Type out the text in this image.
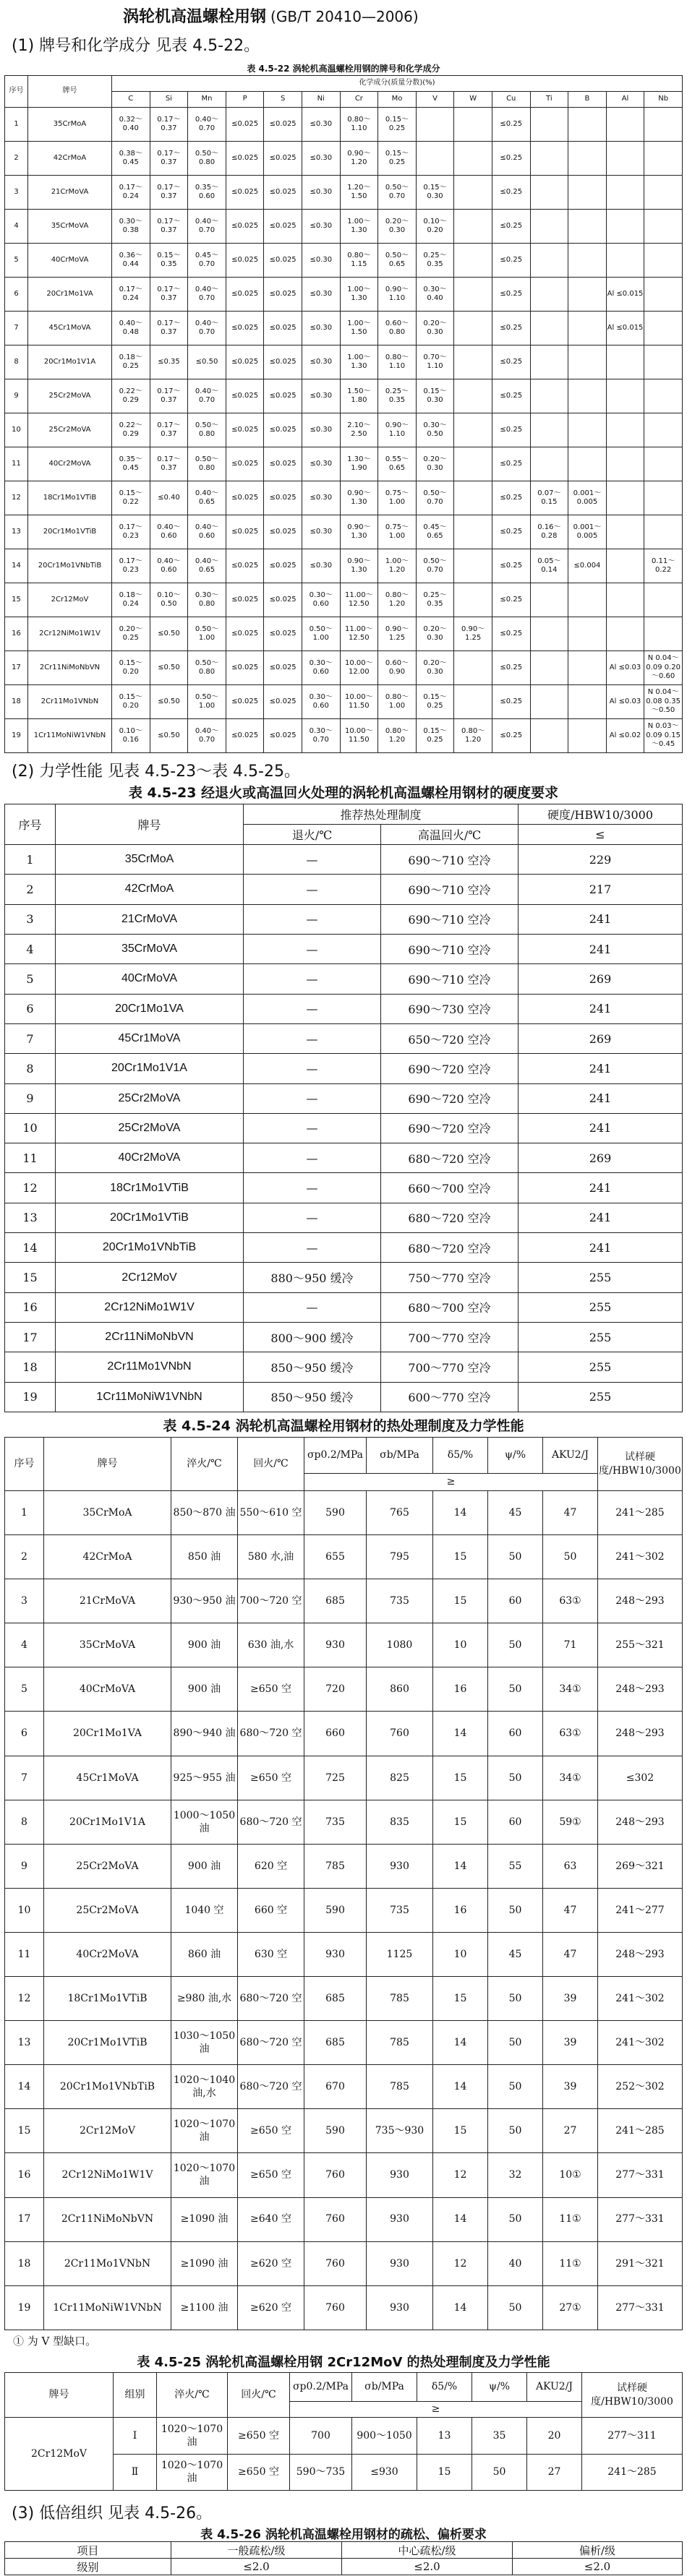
涡轮机高温螺栓用钢 (GB/T 20410—2006)
(1) 牌号和化学成分 见表 4.5-22。
表 4.5-22 涡轮机高温螺栓用钢的牌号和化学成分
序号	牌号	化学成分(质量分数)(%)														
		C	Si	Mn	P	S	Ni	Cr	Mo	V	W	Cu	Ti	B	Al	Nb
1	35CrMoA	0.32～0.40	0.17～0.37	0.40～0.70	≤0.025	≤0.025	≤0.30	0.80～1.10	0.15～0.25			≤0.25				
2	42CrMoA	0.38～0.45	0.17～0.37	0.50～0.80	≤0.025	≤0.025	≤0.30	0.90～1.20	0.15～0.25			≤0.25				
3	21CrMoVA	0.17～0.24	0.17～0.37	0.35～0.60	≤0.025	≤0.025	≤0.30	1.20～1.50	0.50～0.70	0.15～0.30		≤0.25				
4	35CrMoVA	0.30～0.38	0.17～0.37	0.40～0.70	≤0.025	≤0.025	≤0.30	1.00～1.30	0.20～0.30	0.10～0.20		≤0.25				
5	40CrMoVA	0.36～0.44	0.15～0.35	0.45～0.70	≤0.025	≤0.025	≤0.30	0.80～1.15	0.50～0.65	0.25～0.35		≤0.25				
6	20Cr1Mo1VA	0.17～0.24	0.17～0.37	0.40～0.70	≤0.025	≤0.025	≤0.30	1.00～1.30	0.90～1.10	0.30～0.40		≤0.25			Al ≤0.015	
7	45Cr1MoVA	0.40～0.48	0.17～0.37	0.40～0.70	≤0.025	≤0.025	≤0.30	1.00～1.50	0.60～0.80	0.20～0.30		≤0.25			Al ≤0.015	
8	20Cr1Mo1V1A	0.18～0.25	≤0.35	≤0.50	≤0.025	≤0.025	≤0.30	1.00～1.30	0.80～1.10	0.70～1.10		≤0.25				
9	25Cr2MoVA	0.22～0.29	0.17～0.37	0.40～0.70	≤0.025	≤0.025	≤0.30	1.50～1.80	0.25～0.35	0.15～0.30		≤0.25				
10	25Cr2MoVA	0.22～0.29	0.17～0.37	0.50～0.80	≤0.025	≤0.025	≤0.30	2.10～2.50	0.90～1.10	0.30～0.50		≤0.25				
11	40Cr2MoVA	0.35～0.45	0.17～0.37	0.50～0.80	≤0.025	≤0.025	≤0.30	1.30～1.90	0.55～0.65	0.20～0.30		≤0.25				
12	18Cr1Mo1VTiB	0.15～0.22	≤0.40	0.40～0.65	≤0.025	≤0.025	≤0.30	0.90～1.30	0.75～1.00	0.50～0.70		≤0.25	0.07～0.15	0.001～0.005		
13	20Cr1Mo1VTiB	0.17～0.23	0.40～0.60	0.40～0.60	≤0.025	≤0.025	≤0.30	0.90～1.30	0.75～1.00	0.45～0.65		≤0.25	0.16～0.28	0.001～0.005		
14	20Cr1Mo1VNbTiB	0.17～0.23	0.40～0.60	0.40～0.65	≤0.025	≤0.025	≤0.30	0.90～1.30	1.00～1.20	0.50～0.70		≤0.25	0.05～0.14	≤0.004		0.11～0.22
15	2Cr12MoV	0.18～0.24	0.10～0.50	0.30～0.80	≤0.025	≤0.025	0.30～0.60	11.00～12.50	0.80～1.20	0.25～0.35		≤0.25				
16	2Cr12NiMo1W1V	0.20～0.25	≤0.50	0.50～1.00	≤0.025	≤0.025	0.50～1.00	11.00～12.50	0.90～1.25	0.20～0.30	0.90～1.25	≤0.25				
17	2Cr11NiMoNbVN	0.15～0.20	≤0.50	0.50～0.80	≤0.025	≤0.025	0.30～0.60	10.00～12.00	0.60～0.90	0.20～0.30		≤0.25			Al ≤0.03	N 0.04～0.09 0.20～0.60
18	2Cr11Mo1VNbN	0.15～0.20	≤0.50	0.50～1.00	≤0.025	≤0.025	0.30～0.60	10.00～11.50	0.80～1.00	0.15～0.25		≤0.25			Al ≤0.03	N 0.04～0.08 0.35～0.50
19	1Cr11MoNiW1VNbN	0.10～0.16	≤0.50	0.40～0.70	≤0.025	≤0.025	0.30～0.70	10.00～11.50	0.80～1.20	0.15～0.25	0.80～1.20	≤0.25			Al ≤0.02	N 0.03～0.09 0.15～0.45
(2) 力学性能 见表 4.5-23～表 4.5-25。
表 4.5-23 经退火或高温回火处理的涡轮机高温螺栓用钢材的硬度要求
序号	牌号	推荐热处理制度		硬度/HBW10/3000
		退火/℃	高温回火/℃	≤
1	35CrMoA	—	690～710 空冷	229
2	42CrMoA	—	690～710 空冷	217
3	21CrMoVA	—	690～710 空冷	241
4	35CrMoVA	—	690～710 空冷	241
5	40CrMoVA	—	690～710 空冷	269
6	20Cr1Mo1VA	—	690～730 空冷	241
7	45Cr1MoVA	—	650～720 空冷	269
8	20Cr1Mo1V1A	—	690～720 空冷	241
9	25Cr2MoVA	—	690～720 空冷	241
10	25Cr2MoVA	—	690～720 空冷	241
11	40Cr2MoVA	—	680～720 空冷	269
12	18Cr1Mo1VTiB	—	660～700 空冷	241
13	20Cr1Mo1VTiB	—	680～720 空冷	241
14	20Cr1Mo1VNbTiB	—	680～720 空冷	241
15	2Cr12MoV	880～950 缓冷	750～770 空冷	255
16	2Cr12NiMo1W1V	—	680～700 空冷	255
17	2Cr11NiMoNbVN	800～900 缓冷	700～770 空冷	255
18	2Cr11Mo1VNbN	850～950 缓冷	700～770 空冷	255
19	1Cr11MoNiW1VNbN	850～950 缓冷	600～770 空冷	255
表 4.5-24 涡轮机高温螺栓用钢材的热处理制度及力学性能
序号	牌号	淬火/℃	回火/℃	σp0.2/MPa	σb/MPa	δ5/%	ψ/%	AKU2/J	试样硬度/HBW10/3000
				≥					
1	35CrMoA	850～870 油	550～610 空	590	765	14	45	47	241～285
2	42CrMoA	850 油	580 水,油	655	795	15	50	50	241～302
3	21CrMoVA	930～950 油	700～720 空	685	735	15	60	63①	248～293
4	35CrMoVA	900 油	630 油,水	930	1080	10	50	71	255～321
5	40CrMoVA	900 油	≥650 空	720	860	16	50	34①	248～293
6	20Cr1Mo1VA	890～940 油	680～720 空	660	760	14	60	63①	248～293
7	45Cr1MoVA	925～955 油	≥650 空	725	825	15	50	34①	≤302
8	20Cr1Mo1V1A	1000～1050 油	680～720 空	735	835	15	60	59①	248～293
9	25Cr2MoVA	900 油	620 空	785	930	14	55	63	269～321
10	25Cr2MoVA	1040 空	660 空	590	735	16	50	47	241～277
11	40Cr2MoVA	860 油	630 空	930	1125	10	45	47	248～293
12	18Cr1Mo1VTiB	≥980 油,水	680～720 空	685	785	15	50	39	241～302
13	20Cr1Mo1VTiB	1030～1050 油	680～720 空	685	785	14	50	39	241～302
14	20Cr1Mo1VNbTiB	1020～1040 油,水	680～720 空	670	785	14	50	39	252～302
15	2Cr12MoV	1020～1070 油	≥650 空	590	735～930	15	50	27	241～285
16	2Cr12NiMo1W1V	1020～1070 油	≥650 空	760	930	12	32	10①	277～331
17	2Cr11NiMoNbVN	≥1090 油	≥640 空	760	930	14	50	11①	277～331
18	2Cr11Mo1VNbN	≥1090 油	≥620 空	760	930	12	40	11①	291～321
19	1Cr11MoNiW1VNbN	≥1100 油	≥620 空	760	930	14	50	27①	277～331
① 为 V 型缺口。
表 4.5-25 涡轮机高温螺栓用钢 2Cr12MoV 的热处理制度及力学性能
牌号	组别	淬火/℃	回火/℃	σp0.2/MPa	σb/MPa	δ5/%	ψ/%	AKU2/J	试样硬度/HBW10/3000
				≥					
2Cr12MoV	Ⅰ	1020～1070 油	≥650 空	700	900～1050	13	35	20	277～311
	Ⅱ	1020～1070 油	≥650 空	590～735	≤930	15	50	27	241～285
(3) 低倍组织 见表 4.5-26。
表 4.5-26 涡轮机高温螺栓用钢材的疏松、偏析要求
项目	一般疏松/级	中心疏松/级	偏析/级
级别	≤2.0	≤2.0	≤2.0
